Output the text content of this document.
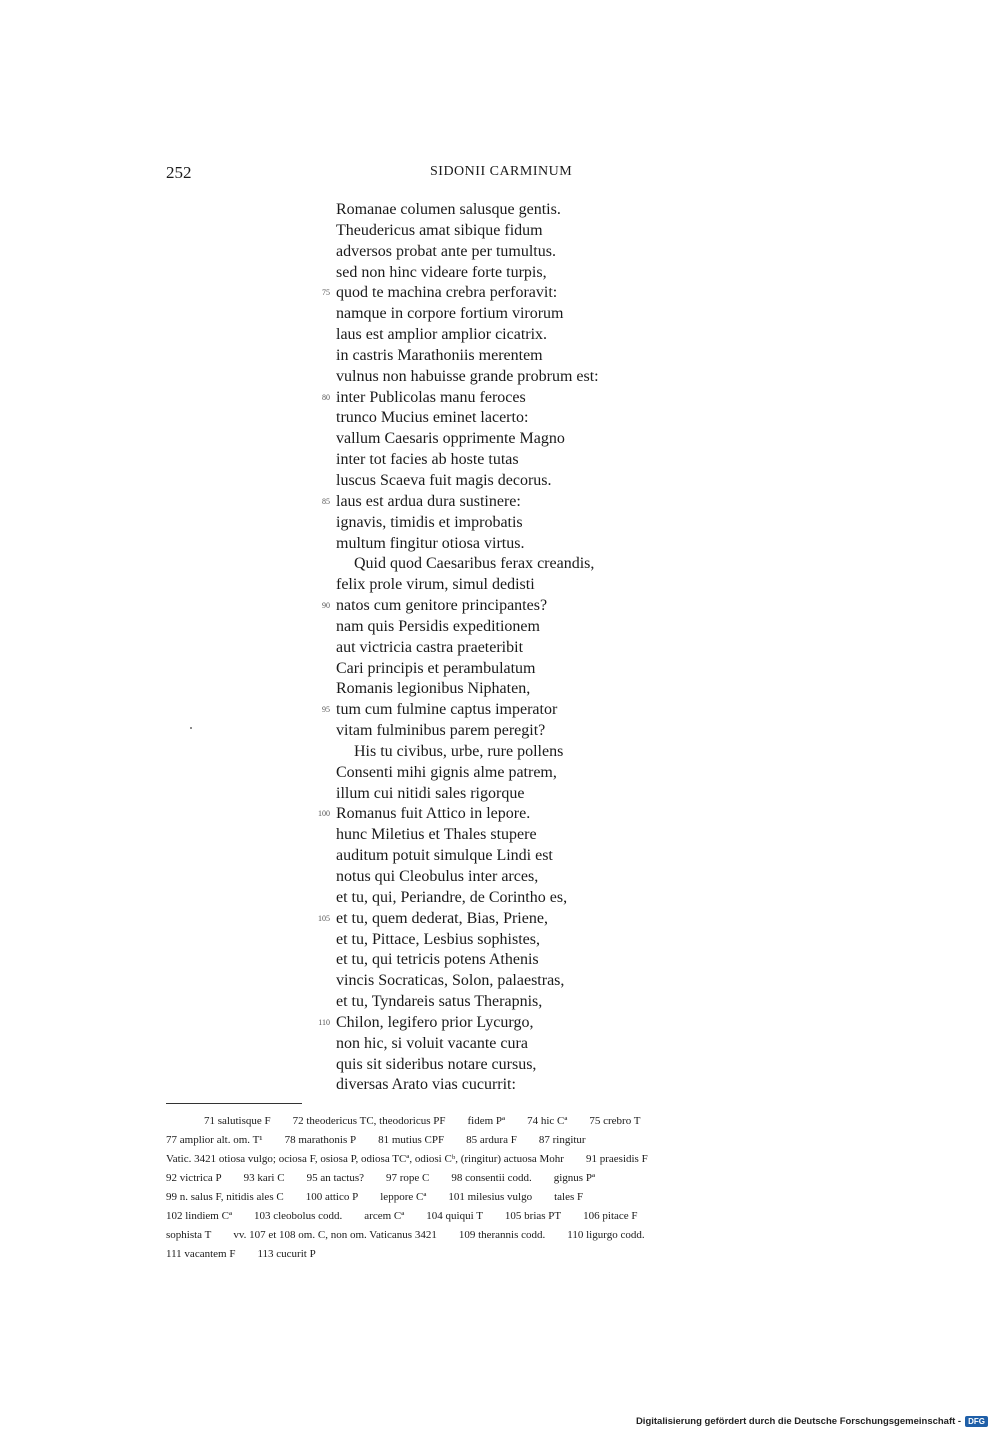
252	SIDONII CARMINUM
Romanae columen salusque gentis.
Theudericus amat sibique fidum
adversos probat ante per tumultus.
sed non hinc videare forte turpis,
75 quod te machina crebra perforavit:
namque in corpore fortium virorum
laus est amplior amplior cicatrix.
in castris Marathoniis merentem
vulnus non habuisse grande probrum est:
80 inter Publicolas manu feroces
trunco Mucius eminet lacerto:
vallum Caesaris opprimente Magno
inter tot facies ab hoste tutas
luscus Scaeva fuit magis decorus.
85 laus est ardua dura sustinere:
ignavis, timidis et improbatis
multum fingitur otiosa virtus.
Quid quod Caesaribus ferax creandis,
felix prole virum, simul dedisti
90 natos cum genitore principantes?
nam quis Persidis expeditionem
aut victricia castra praeteribit
Cari principis et perambulatum
Romanis legionibus Niphaten,
95 tum cum fulmine captus imperator
vitam fulminibus parem peregit?
His tu civibus, urbe, rure pollens
Consenti mihi gignis alme patrem,
illum cui nitidi sales rigorque
100 Romanus fuit Attico in lepore.
hunc Miletius et Thales stupere
auditum potuit simulque Lindi est
notus qui Cleobulus inter arces,
et tu, qui, Periandre, de Corintho es,
105 et tu, quem dederat, Bias, Priene,
et tu, Pittace, Lesbius sophistes,
et tu, qui tetricis potens Athenis
vincis Socraticas, Solon, palaestras,
et tu, Tyndareis satus Therapnis,
110 Chilon, legifero prior Lycurgo,
non hic, si voluit vacante cura
quis sit sideribus notare cursus,
diversas Arato vias cucurrit:
71 salutisque F 72 theodericus TC, theodoricus PF fidem Pª 74 hic Cª 75 crebro T
77 amplior alt. om. T¹ 78 marathonis P 81 mutius CPF 85 ardura F 87 ringitur
Vatic. 3421 otiosa vulgo; ociosa F, osiosa P, odiosa TCª, odiosi Cᵇ, (ringitur) actuosa Mohr 91 praesidis F
92 victrica P 93 kari C 95 an tactus? 97 rope C 98 consentii codd. gignus Pª
99 n. salus F, nitidis ales C 100 attico P leppore Cª 101 milesius vulgo tales F
102 lindiem Cª 103 cleobolus codd. arcem Cª 104 quiqui T 105 brias PT 106 pitace F
sophista T vv. 107 et 108 om. C, non om. Vaticanus 3421 109 therannis codd. 110 ligurgo codd.
111 vacantem F 113 cucurit P
Digitalisierung gefördert durch die Deutsche Forschungsgemeinschaft - DFG
